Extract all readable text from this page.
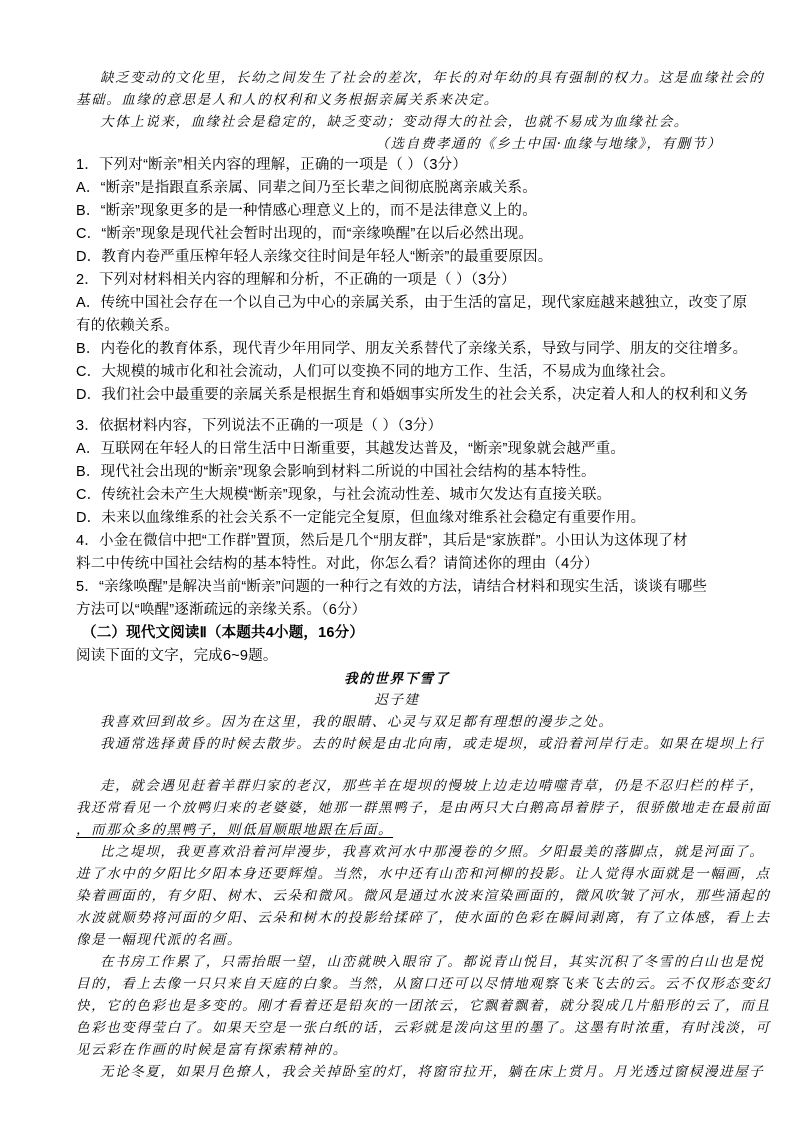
缺乏变动的文化里，长幼之间发生了社会的差次，年长的对年幼的具有强制的权力。这是血缘社会的
基础。血缘的意思是人和人的权利和义务根据亲属关系来决定。
大体上说来，血缘社会是稳定的，缺乏变动；变动得大的社会，也就不易成为血缘社会。
（选自费孝通的《乡土中国·血缘与地缘》，有删节）
1．下列对“断亲”相关内容的理解，正确的一项是（ ）（3分）
A．“断亲”是指跟直系亲属、同辈之间乃至长辈之间彻底脱离亲戚关系。
B．“断亲”现象更多的是一种情感心理意义上的，而不是法律意义上的。
C．“断亲”现象是现代社会暂时出现的，而“亲缘唤醒”在以后必然出现。
D．教育内卷严重压榨年轻人亲缘交往时间是年轻人“断亲”的最重要原因。
2．下列对材料相关内容的理解和分析，不正确的一项是（ ）（3分）
A．传统中国社会存在一个以自己为中心的亲属关系，由于生活的富足，现代家庭越来越独立，改变了原
有的依赖关系。
B．内卷化的教育体系，现代青少年用同学、朋友关系替代了亲缘关系，导致与同学、朋友的交往增多。
C．大规模的城市化和社会流动，人们可以变换不同的地方工作、生活，不易成为血缘社会。
D．我们社会中最重要的亲属关系是根据生育和婚姻事实所发生的社会关系，决定着人和人的权利和义务
3．依据材料内容，下列说法不正确的一项是（ ）（3分）
A．互联网在年轻人的日常生活中日渐重要，其越发达普及，“断亲”现象就会越严重。
B．现代社会出现的“断亲”现象会影响到材料二所说的中国社会结构的基本特性。
C．传统社会未产生大规模“断亲”现象，与社会流动性差、城市欠发达有直接关联。
D．未来以血缘维系的社会关系不一定能完全复原，但血缘对维系社会稳定有重要作用。
4．小金在微信中把“工作群”置顶，然后是几个“朋友群”，其后是“家族群”。小田认为这体现了材
料二中传统中国社会结构的基本特性。对此，你怎么看？请简述你的理由（4分）
5．“亲缘唤醒”是解决当前“断亲”问题的一种行之有效的方法，请结合材料和现实生活，谈谈有哪些
方法可以“唤醒”逐渐疏远的亲缘关系。（6分）
（二）现代文阅读Ⅱ（本题共4小题，16分）
阅读下面的文字，完成6~9题。
我的世界下雪了
迟子建
我喜欢回到故乡。因为在这里，我的眼睛、心灵与双足都有理想的漫步之处。
我通常选择黄昏的时候去散步。去的时候是由北向南，或走堤坝，或沿着河岸行走。如果在堤坝上行
走，就会遇见赶着羊群归家的老汉，那些羊在堤坝的慢坡上边走边啃噬青草，仍是不忍归栏的样子，
我还常看见一个放鸭归来的老婆婆，她那一群黑鸭子，是由两只大白鹅高昂着脖子，很骄傲地走在最前面
，而那众多的黑鸭子，则低眉顺眼地跟在后面。
比之堤坝，我更喜欢沿着河岸漫步，我喜欢河水中那漫卷的夕照。夕阳最美的落脚点，就是河面了。
进了水中的夕阳比夕阳本身还要辉煌。当然，水中还有山峦和河柳的投影。让人觉得水面就是一幅画，点
染着画面的，有夕阳、树木、云朵和微风。微风是通过水波来渲染画面的，微风吹皱了河水，那些涌起的
水波就顺势将河面的夕阳、云朵和树木的投影给揉碎了，使水面的色彩在瞬间剥离，有了立体感，看上去
像是一幅现代派的名画。
在书房工作累了，只需抬眼一望，山峦就映入眼帘了。都说青山悦目，其实沉积了冬雪的白山也是悦
目的，看上去像一只只来自天庭的白象。当然，从窗口还可以尽情地观察飞来飞去的云。云不仅形态变幻
快，它的色彩也是多变的。刚才看着还是铅灰的一团浓云，它飘着飘着，就分裂成几片船形的云了，而且
色彩也变得莹白了。如果天空是一张白纸的话，云彩就是泼向这里的墨了。这墨有时浓重，有时浅淡，可
见云彩在作画的时候是富有探索精神的。
无论冬夏，如果月色撩人，我会关掉卧室的灯，将窗帘拉开，躺在床上赏月。月光透过窗棂漫进屋子
